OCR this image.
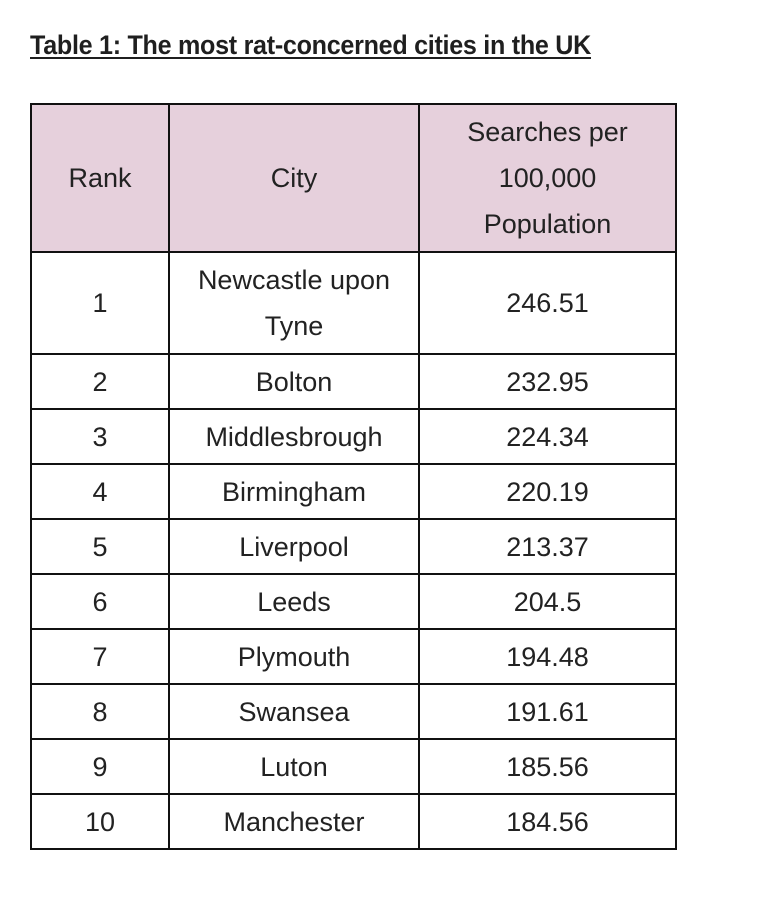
Table 1: The most rat-concerned cities in the UK
Rank	City	Searches per 100,000 Population
1	Newcastle upon Tyne	246.51
2	Bolton	232.95
3	Middlesbrough	224.34
4	Birmingham	220.19
5	Liverpool	213.37
6	Leeds	204.5
7	Plymouth	194.48
8	Swansea	191.61
9	Luton	185.56
10	Manchester	184.56
